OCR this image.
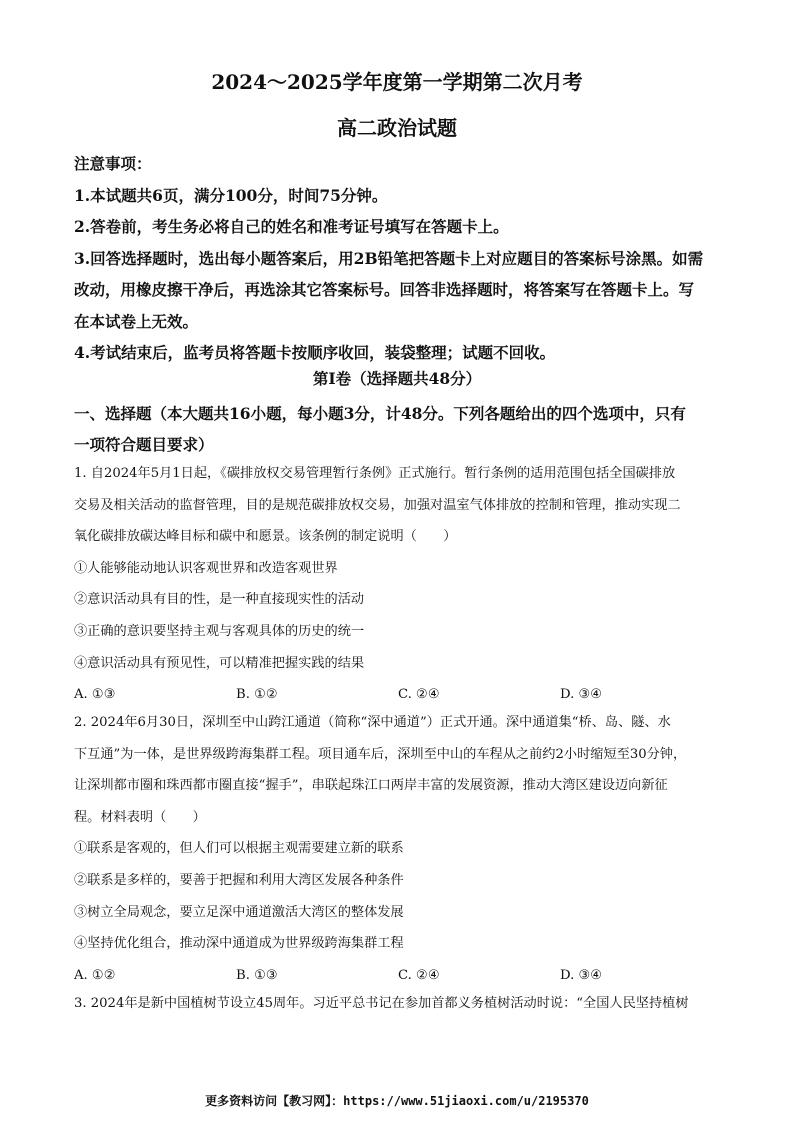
2024～2025学年度第一学期第二次月考
高二政治试题

注意事项：

1.本试题共6页，满分100分，时间75分钟。

2.答卷前，考生务必将自己的姓名和准考证号填写在答题卡上。

3.回答选择题时，选出每小题答案后，用2B铅笔把答题卡上对应题目的答案标号涂黑。如需

改动，用橡皮擦干净后，再选涂其它答案标号。回答非选择题时，将答案写在答题卡上。写

在本试卷上无效。

4.考试结束后，监考员将答题卡按顺序收回，装袋整理；试题不回收。

第Ⅰ卷（选择题共48分）

一、选择题（本大题共16小题，每小题3分，计48分。下列各题给出的四个选项中，只有

一项符合题目要求）

1. 自2024年5月1日起，《碳排放权交易管理暂行条例》正式施行。暂行条例的适用范围包括全国碳排放

交易及相关活动的监督管理，目的是规范碳排放权交易，加强对温室气体排放的控制和管理，推动实现二

氧化碳排放碳达峰目标和碳中和愿景。该条例的制定说明（　　）

①人能够能动地认识客观世界和改造客观世界

②意识活动具有目的性，是一种直接现实性的活动

③正确的意识要坚持主观与客观具体的历史的统一

④意识活动具有预见性，可以精准把握实践的结果

A. ①③	B. ①②	C. ②④	D. ③④

2. 2024年6月30日，深圳至中山跨江通道（简称“深中通道”）正式开通。深中通道集“桥、岛、隧、水

下互通”为一体，是世界级跨海集群工程。项目通车后，深圳至中山的车程从之前约2小时缩短至30分钟，

让深圳都市圈和珠西都市圈直接“握手”，串联起珠江口两岸丰富的发展资源，推动大湾区建设迈向新征

程。材料表明（　　）

①联系是客观的，但人们可以根据主观需要建立新的联系

②联系是多样的，要善于把握和利用大湾区发展各种条件

③树立全局观念，要立足深中通道激活大湾区的整体发展

④坚持优化组合，推动深中通道成为世界级跨海集群工程

A. ①②	B. ①③	C. ②④	D. ③④

3. 2024年是新中国植树节设立45周年。习近平总书记在参加首都义务植树活动时说：“全国人民坚持植树

更多资料访问【教习网】：https://www.51jiaoxi.com/u/2195370
